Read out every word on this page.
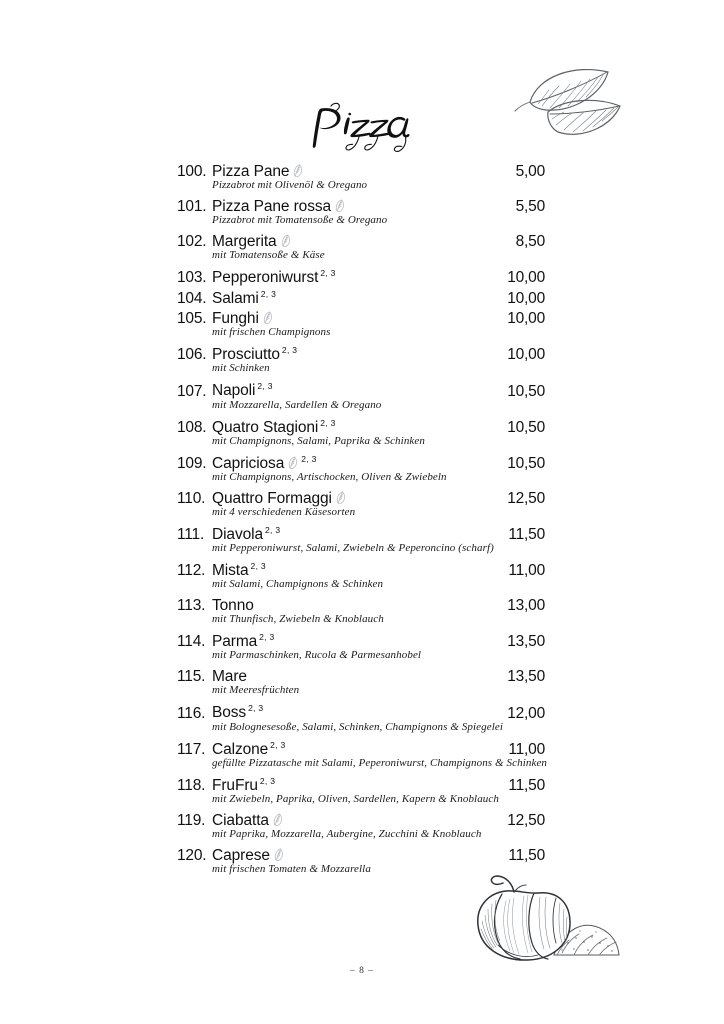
100. Pizza Pane	5,00
Pizzabrot mit Olivenöl & Oregano
101. Pizza Pane rossa	5,50
Pizzabrot mit Tomatensoße & Oregano
102. Margerita	8,50
mit Tomatensoße & Käse
103. Pepperoniwurst $^{2, 3}$	10,00
104. Salami $^{2, 3}$	10,00
105. Funghi	10,00
mit frischen Champignons
106. Prosciutto $^{2, 3}$	10,00
mit Schinken
107. Napoli $^{2, 3}$	10,50
mit Mozzarella, Sardellen & Oregano
108. Quatro Stagioni $^{2, 3}$	10,50
mit Champignons, Salami, Paprika & Schinken
109. Capriciosa $^{2, 3}$	10,50
mit Champignons, Artischocken, Oliven & Zwiebeln
110. Quattro Formaggi	12,50
mit 4 verschiedenen Käsesorten
111. Diavola $^{2, 3}$	11,50
mit Pepperoniwurst, Salami, Zwiebeln & Peperoncino (scharf)
112. Mista $^{2, 3}$	11,00
mit Salami, Champignons & Schinken
113. Tonno	13,00
mit Thunfisch, Zwiebeln & Knoblauch
114. Parma $^{2, 3}$	13,50
mit Parmaschinken, Rucola & Parmesanhobel
115. Mare	13,50
mit Meeresfrüchten
116. Boss $^{2, 3}$	12,00
mit Bolognesesoße, Salami, Schinken, Champignons & Spiegelei
117. Calzone $^{2, 3}$	11,00
gefüllte Pizzatasche mit Salami, Peperoniwurst, Champignons & Schinken
118. FruFru $^{2, 3}$	11,50
mit Zwiebeln, Paprika, Oliven, Sardellen, Kapern & Knoblauch
119. Ciabatta	12,50
mit Paprika, Mozzarella, Aubergine, Zucchini & Knoblauch
120. Caprese	11,50
mit frischen Tomaten & Mozzarella
– 8 –
